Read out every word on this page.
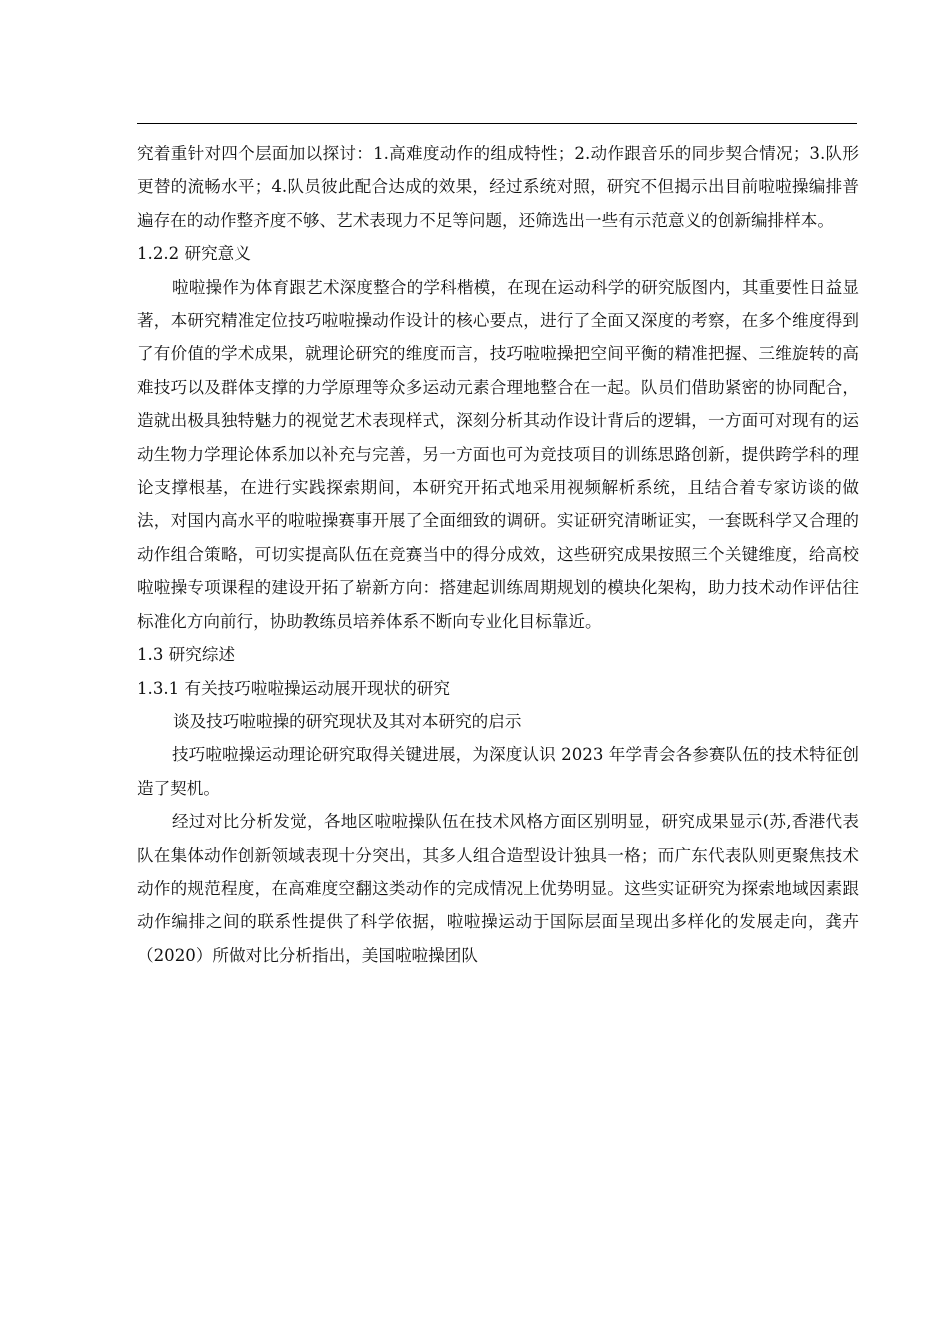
究着重针对四个层面加以探讨：1.高难度动作的组成特性；2.动作跟音乐的同步契合情况；3.队形更替的流畅水平；4.队员彼此配合达成的效果，经过系统对照，研究不但揭示出目前啦啦操编排普遍存在的动作整齐度不够、艺术表现力不足等问题，还筛选出一些有示范意义的创新编排样本。

1.2.2 研究意义

啦啦操作为体育跟艺术深度整合的学科楷模，在现在运动科学的研究版图内，其重要性日益显著，本研究精准定位技巧啦啦操动作设计的核心要点，进行了全面又深度的考察，在多个维度得到了有价值的学术成果，就理论研究的维度而言，技巧啦啦操把空间平衡的精准把握、三维旋转的高难技巧以及群体支撑的力学原理等众多运动元素合理地整合在一起。队员们借助紧密的协同配合，造就出极具独特魅力的视觉艺术表现样式，深刻分析其动作设计背后的逻辑，一方面可对现有的运动生物力学理论体系加以补充与完善，另一方面也可为竞技项目的训练思路创新，提供跨学科的理论支撑根基，在进行实践探索期间，本研究开拓式地采用视频解析系统，且结合着专家访谈的做法，对国内高水平的啦啦操赛事开展了全面细致的调研。实证研究清晰证实，一套既科学又合理的动作组合策略，可切实提高队伍在竞赛当中的得分成效，这些研究成果按照三个关键维度，给高校啦啦操专项课程的建设开拓了崭新方向：搭建起训练周期规划的模块化架构，助力技术动作评估往标准化方向前行，协助教练员培养体系不断向专业化目标靠近。

1.3 研究综述

1.3.1 有关技巧啦啦操运动展开现状的研究

谈及技巧啦啦操的研究现状及其对本研究的启示

技巧啦啦操运动理论研究取得关键进展，为深度认识 2023 年学青会各参赛队伍的技术特征创造了契机。

经过对比分析发觉，各地区啦啦操队伍在技术风格方面区别明显，研究成果显示(苏,香港代表队在集体动作创新领域表现十分突出，其多人组合造型设计独具一格；而广东代表队则更聚焦技术动作的规范程度，在高难度空翻这类动作的完成情况上优势明显。这些实证研究为探索地域因素跟动作编排之间的联系性提供了科学依据，啦啦操运动于国际层面呈现出多样化的发展走向，龚卉（2020）所做对比分析指出，美国啦啦操团队
